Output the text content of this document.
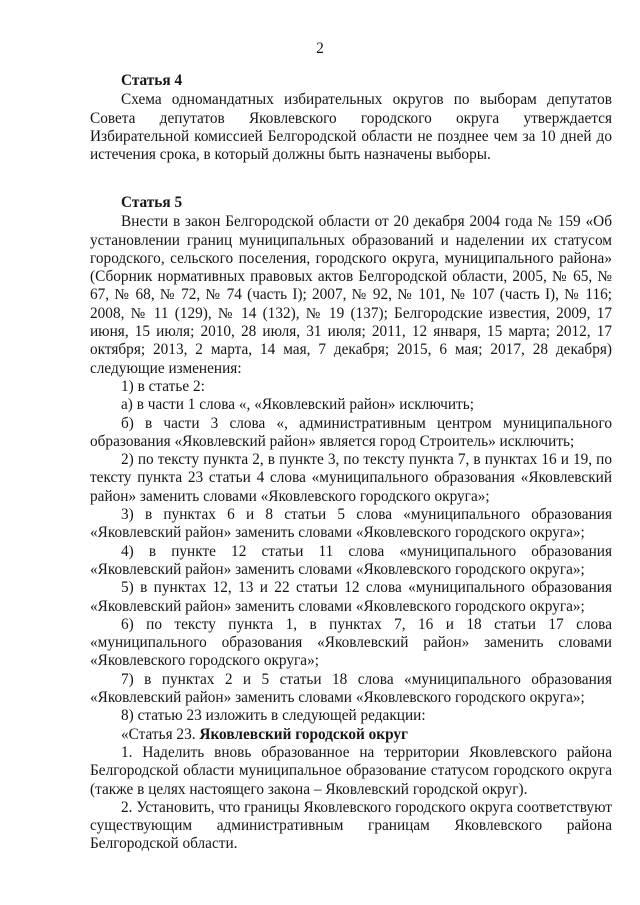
2
Статья 4

Схема одномандатных избирательных округов по выборам депутатов Совета депутатов Яковлевского городского округа утверждается Избирательной комиссией Белгородской области не позднее чем за 10 дней до истечения срока, в который должны быть назначены выборы.

Статья 5

Внести в закон Белгородской области от 20 декабря 2004 года № 159 «Об установлении границ муниципальных образований и наделении их статусом городского, сельского поселения, городского округа, муниципального района» (Сборник нормативных правовых актов Белгородской области, 2005, № 65, № 67, № 68, № 72, № 74 (часть I); 2007, № 92, № 101, № 107 (часть I), № 116; 2008, № 11 (129), № 14 (132), № 19 (137); Белгородские известия, 2009, 17 июня, 15 июля; 2010, 28 июля, 31 июля; 2011, 12 января, 15 марта; 2012, 17 октября; 2013, 2 марта, 14 мая, 7 декабря; 2015, 6 мая; 2017, 28 декабря) следующие изменения:

1) в статье 2:

а) в части 1 слова «, «Яковлевский район» исключить;

б) в части 3 слова «, административным центром муниципального образования «Яковлевский район» является город Строитель» исключить;

2) по тексту пункта 2, в пункте 3, по тексту пункта 7, в пунктах 16 и 19, по тексту пункта 23 статьи 4 слова «муниципального образования «Яковлевский район» заменить словами «Яковлевского городского округа»;

3) в пунктах 6 и 8 статьи 5 слова «муниципального образования «Яковлевский район» заменить словами «Яковлевского городского округа»;

4) в пункте 12 статьи 11 слова «муниципального образования «Яковлевский район» заменить словами «Яковлевского городского округа»;

5) в пунктах 12, 13 и 22 статьи 12 слова «муниципального образования «Яковлевский район» заменить словами «Яковлевского городского округа»;

6) по тексту пункта 1, в пунктах 7, 16 и 18 статьи 17 слова «муниципального образования «Яковлевский район» заменить словами «Яковлевского городского округа»;

7) в пунктах 2 и 5 статьи 18 слова «муниципального образования «Яковлевский район» заменить словами «Яковлевского городского округа»;

8) статью 23 изложить в следующей редакции:

«Статья 23. Яковлевский городской округ

1. Наделить вновь образованное на территории Яковлевского района Белгородской области муниципальное образование статусом городского округа (также в целях настоящего закона – Яковлевский городской округ).

2. Установить, что границы Яковлевского городского округа соответствуют существующим административным границам Яковлевского района Белгородской области.
